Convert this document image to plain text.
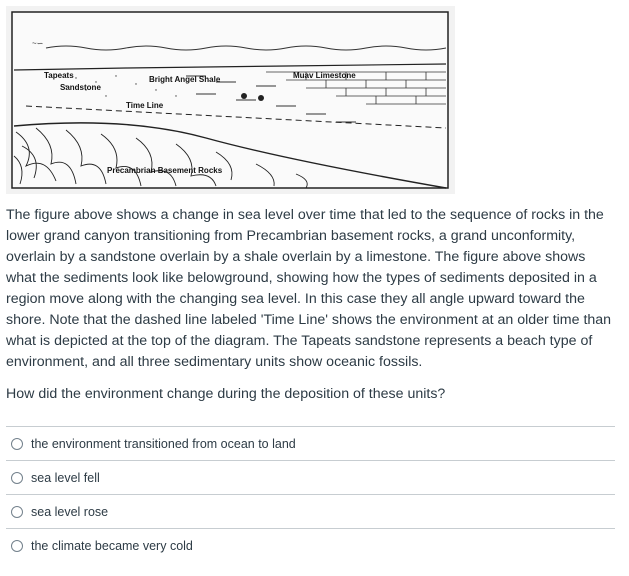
~∽
Tapeats
Sandstone
Bright Angel Shale	Muav Limestone
Time Line
Precambrian Basement Rocks

The figure above shows a change in sea level over time that led to the sequence of rocks in the lower grand canyon transitioning from Precambrian basement rocks, a grand unconformity, overlain by a sandstone overlain by a shale overlain by a limestone. The figure above shows what the sediments look like belowground, showing how the types of sediments deposited in a region move along with the changing sea level. In this case they all angle upward toward the shore. Note that the dashed line labeled 'Time Line' shows the environment at an older time than what is depicted at the top of the diagram. The Tapeats sandstone represents a beach type of environment, and all three sedimentary units show oceanic fossils.

How did the environment change during the deposition of these units?

the environment transitioned from ocean to land
sea level fell
sea level rose
the climate became very cold
